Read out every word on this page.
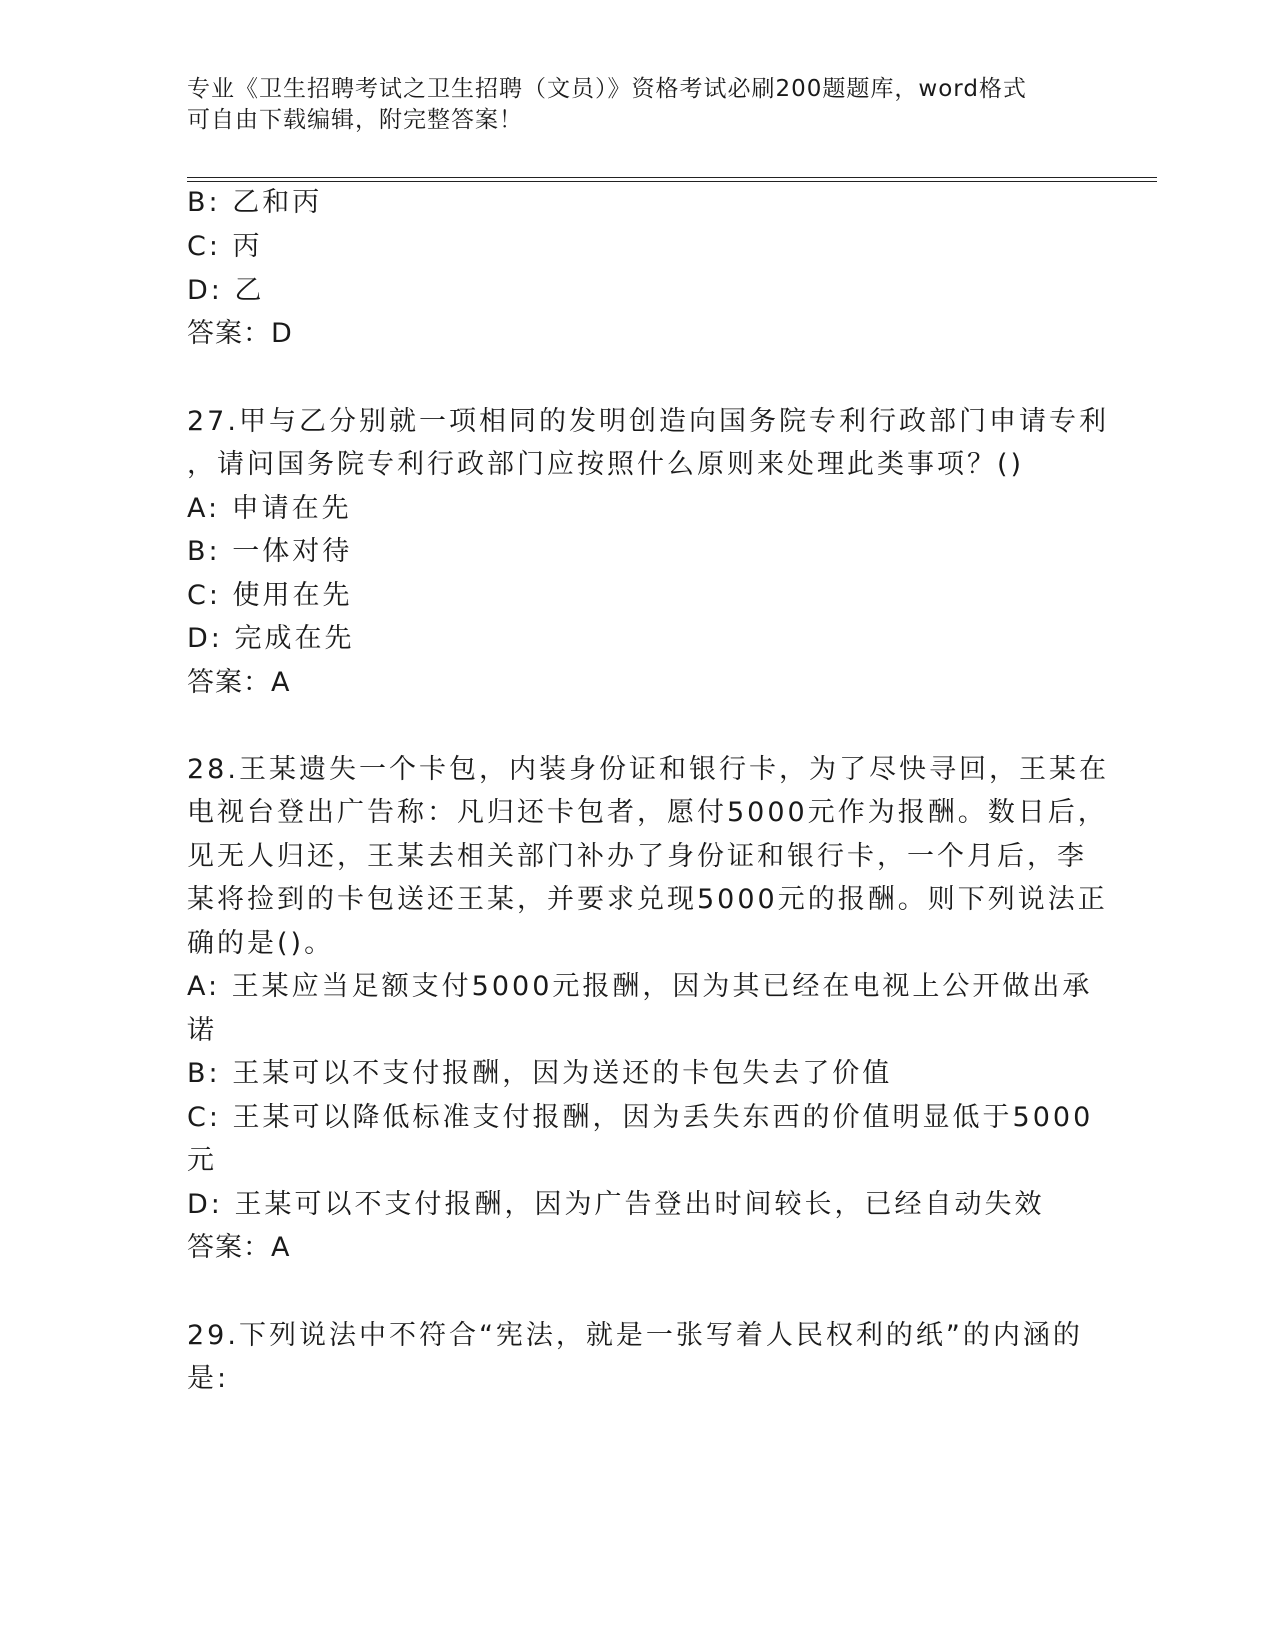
专业《卫生招聘考试之卫生招聘（文员）》资格考试必刷200题题库，word格式
可自由下载编辑，附完整答案！
B: 乙和丙
C: 丙
D: 乙
答案：D
27.甲与乙分别就一项相同的发明创造向国务院专利行政部门申请专利
，请问国务院专利行政部门应按照什么原则来处理此类事项？()
A: 申请在先
B: 一体对待
C: 使用在先
D: 完成在先
答案：A
28.王某遗失一个卡包，内装身份证和银行卡，为了尽快寻回，王某在
电视台登出广告称：凡归还卡包者，愿付5000元作为报酬。数日后，
见无人归还，王某去相关部门补办了身份证和银行卡，一个月后，李
某将捡到的卡包送还王某，并要求兑现5000元的报酬。则下列说法正
确的是()。
A: 王某应当足额支付5000元报酬，因为其已经在电视上公开做出承
诺
B: 王某可以不支付报酬，因为送还的卡包失去了价值
C: 王某可以降低标准支付报酬，因为丢失东西的价值明显低于5000
元
D: 王某可以不支付报酬，因为广告登出时间较长，已经自动失效
答案：A
29.下列说法中不符合“宪法，就是一张写着人民权利的纸”的内涵的
是:
